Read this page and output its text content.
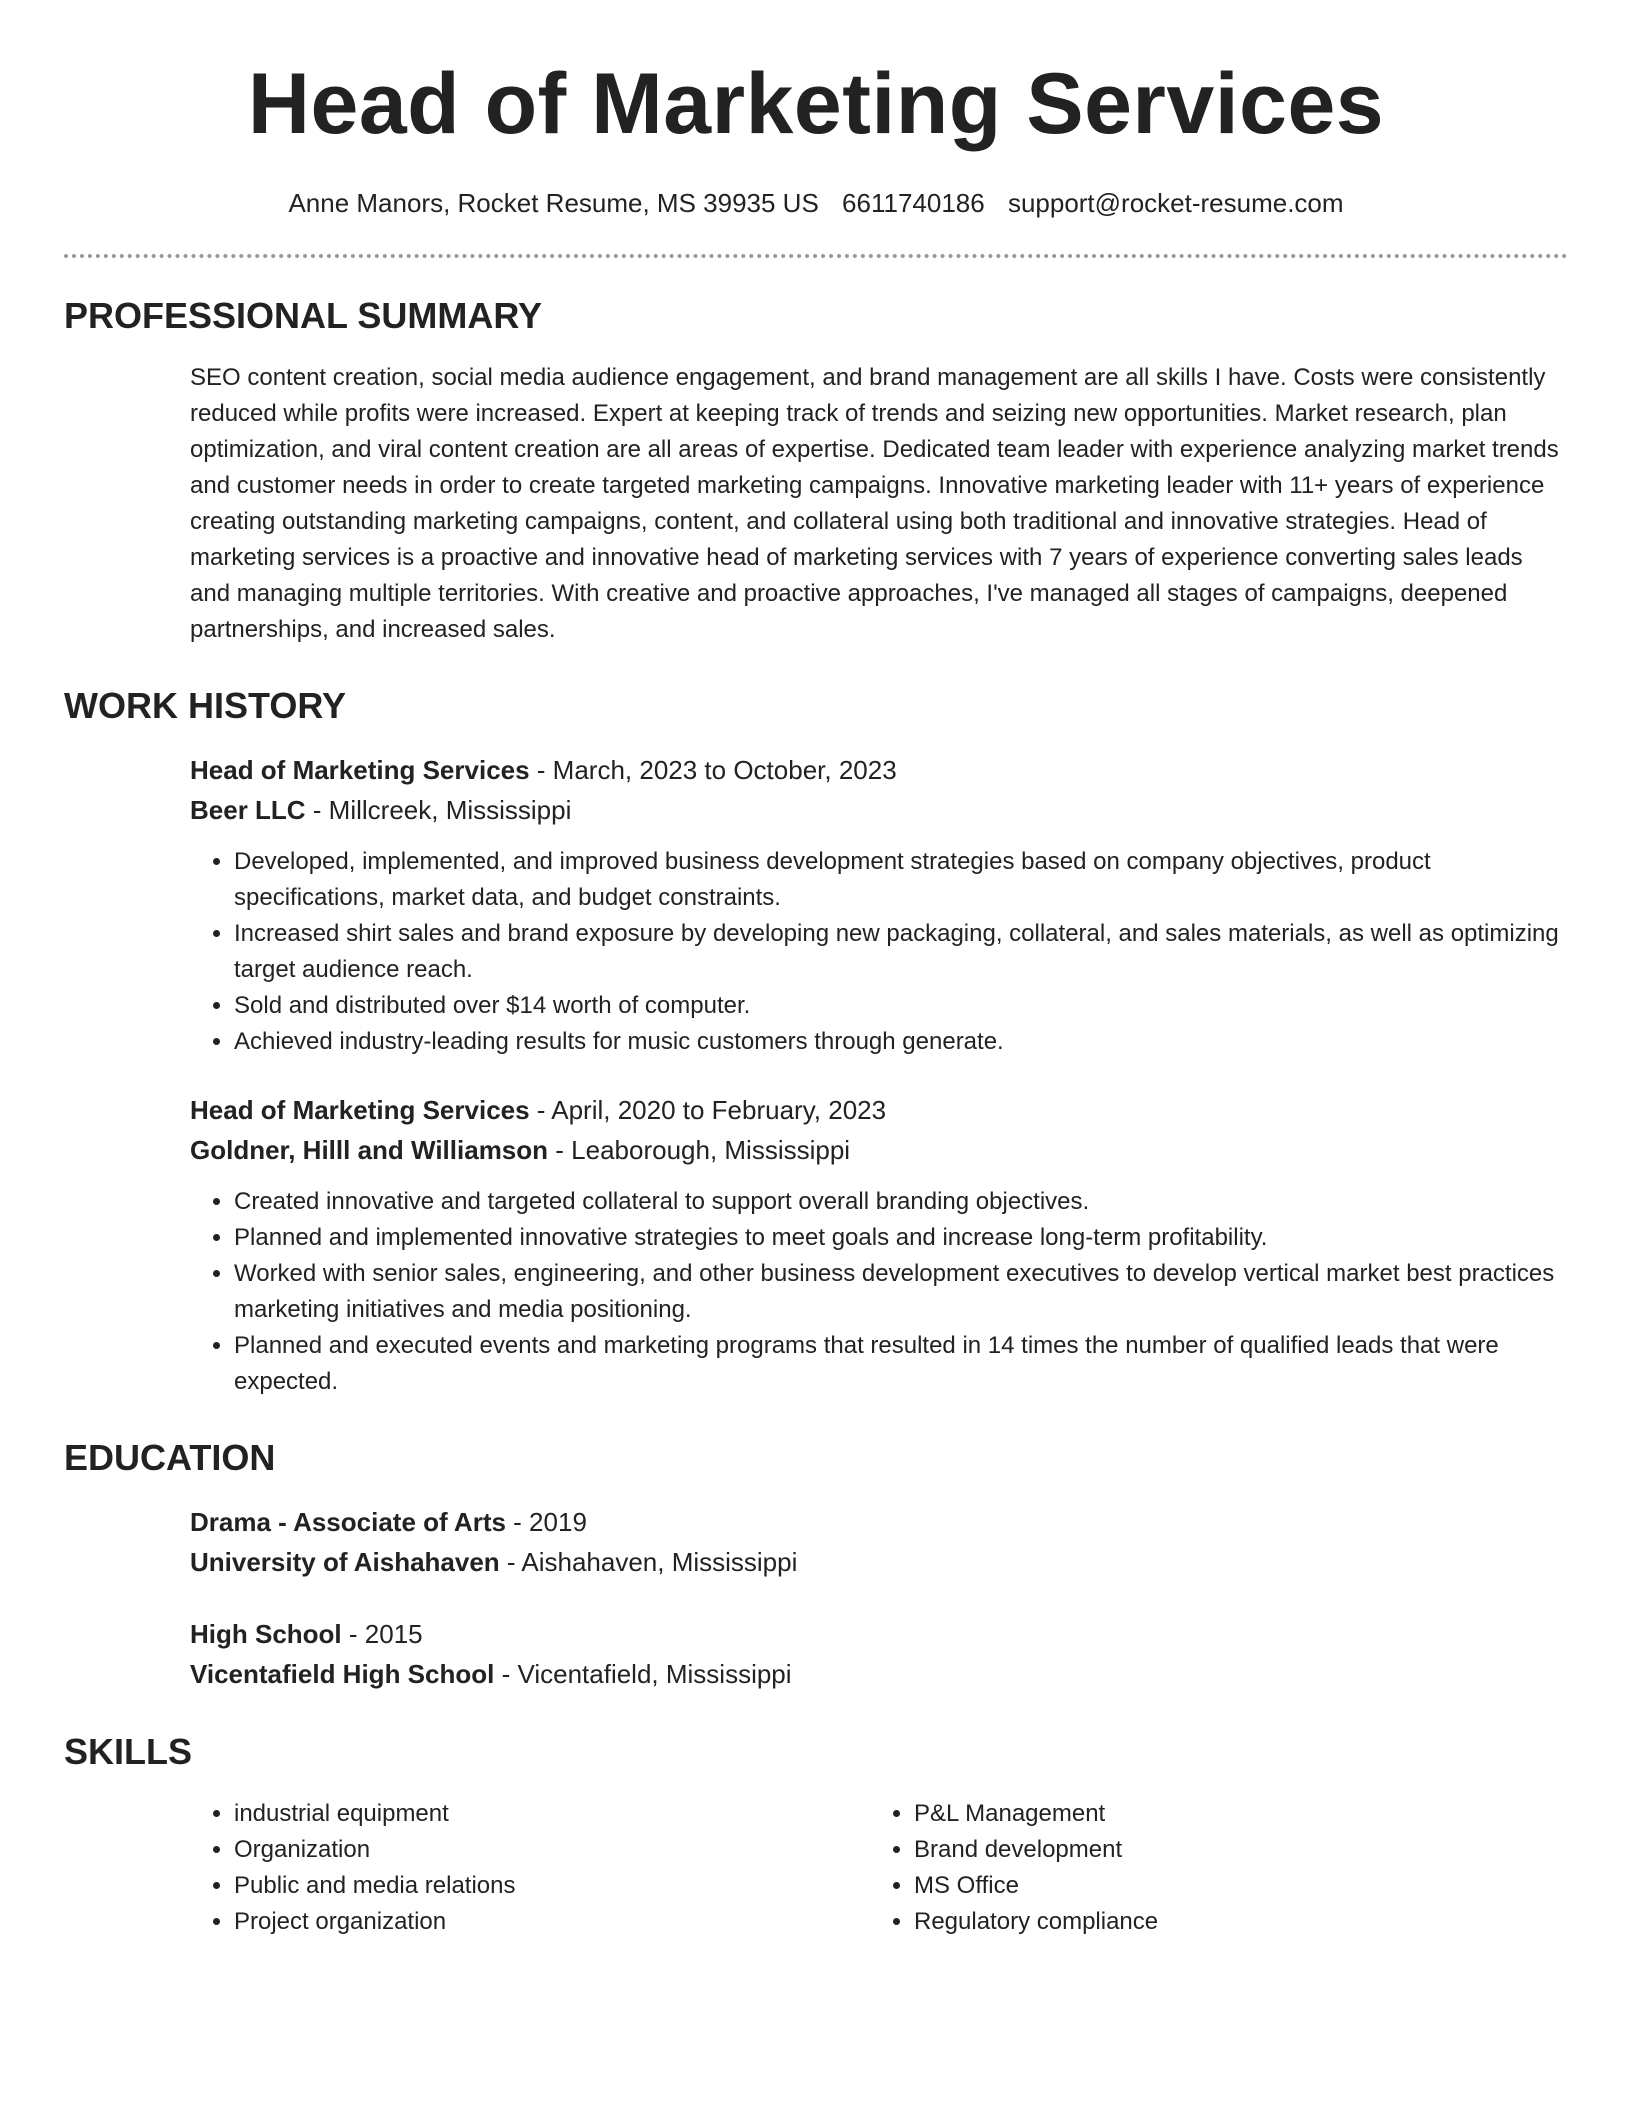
Head of Marketing Services
Anne Manors, Rocket Resume, MS 39935 US 6611740186 support@rocket-resume.com
PROFESSIONAL SUMMARY

SEO content creation, social media audience engagement, and brand management are all skills I have. Costs were consistently reduced while profits were increased. Expert at keeping track of trends and seizing new opportunities. Market research, plan optimization, and viral content creation are all areas of expertise. Dedicated team leader with experience analyzing market trends and customer needs in order to create targeted marketing campaigns. Innovative marketing leader with 11+ years of experience creating outstanding marketing campaigns, content, and collateral using both traditional and innovative strategies. Head of marketing services is a proactive and innovative head of marketing services with 7 years of experience converting sales leads and managing multiple territories. With creative and proactive approaches, I've managed all stages of campaigns, deepened partnerships, and increased sales.

WORK HISTORY
Head of Marketing Services - March, 2023 to October, 2023
Beer LLC - Millcreek, Mississippi
• Developed, implemented, and improved business development strategies based on company objectives, product specifications, market data, and budget constraints.
• Increased shirt sales and brand exposure by developing new packaging, collateral, and sales materials, as well as optimizing target audience reach.
• Sold and distributed over $14 worth of computer.
• Achieved industry-leading results for music customers through generate.
Head of Marketing Services - April, 2020 to February, 2023
Goldner, Hilll and Williamson - Leaborough, Mississippi
• Created innovative and targeted collateral to support overall branding objectives.
• Planned and implemented innovative strategies to meet goals and increase long-term profitability.
• Worked with senior sales, engineering, and other business development executives to develop vertical market best practices marketing initiatives and media positioning.
• Planned and executed events and marketing programs that resulted in 14 times the number of qualified leads that were expected.
EDUCATION
Drama - Associate of Arts - 2019
University of Aishahaven - Aishahaven, Mississippi
High School - 2015
Vicentafield High School - Vicentafield, Mississippi
SKILLS
• industrial equipment
• Organization
• Public and media relations
• Project organization
• P&L Management
• Brand development
• MS Office
• Regulatory compliance
